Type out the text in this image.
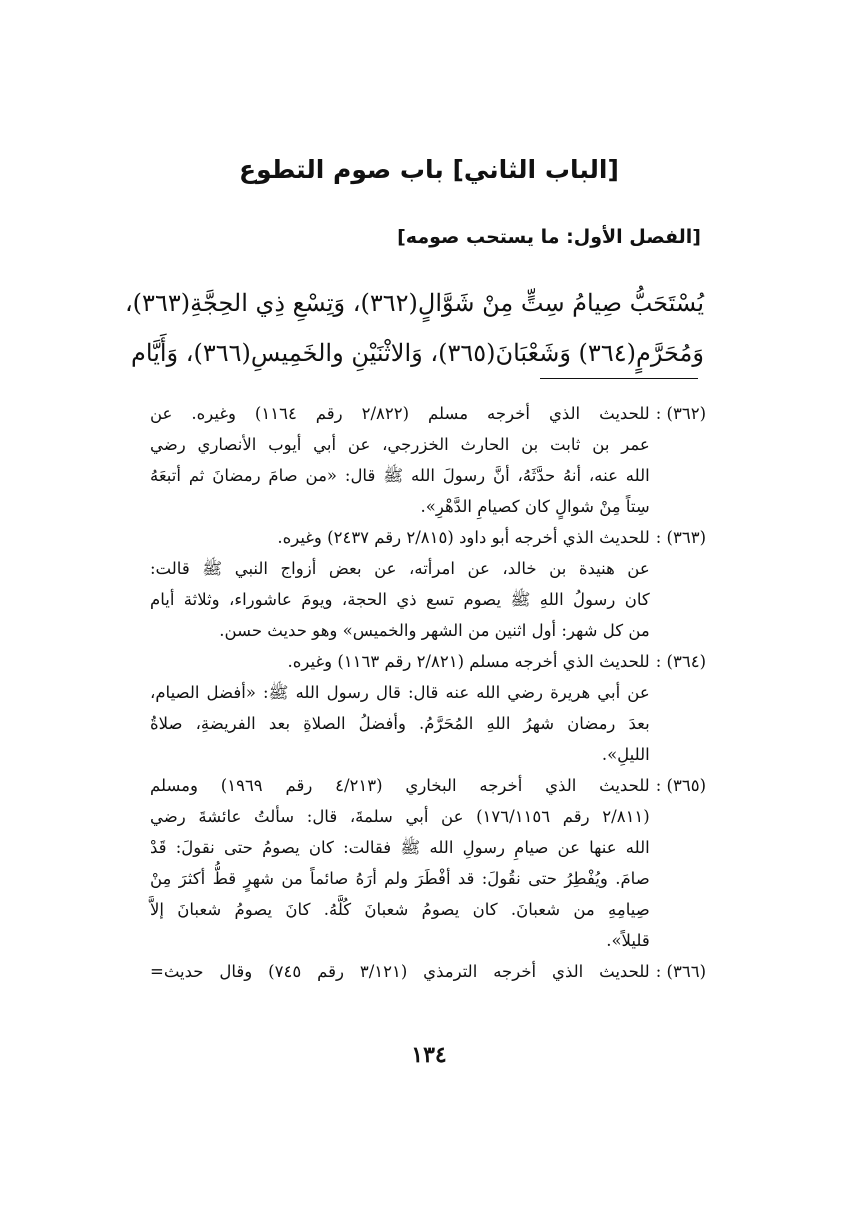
[الباب الثاني] باب صوم التطوع
[الفصل الأول: ما يستحب صومه]
يُسْتَحَبُّ صِيامُ سِتٍّ مِنْ شَوَّالٍ(٣٦٢)، وَتِسْعِ ذِي الحِجَّةِ(٣٦٣)،
وَمُحَرَّمٍ(٣٦٤) وَشَعْبَانَ(٣٦٥)، وَالاثْنَيْنِ والخَمِيسِ(٣٦٦)، وَأَيَّام
(٣٦٢) :
للحديث الذي أخرجه مسلم (٢/٨٢٢ رقم ١١٦٤) وغيره. عن
عمر بن ثابت بن الحارث الخزرجي، عن أبي أيوب الأنصاري رضي
الله عنه، أنهُ حدَّثَهُ، أنَّ رسولَ الله ﷺ قال: «من صامَ رمضانَ ثم أتبعَهُ
سِتاً مِنْ شوالٍ كان كصيامِ الدَّهْرِ».
(٣٦٣) :
للحديث الذي أخرجه أبو داود (٢/٨١٥ رقم ٢٤٣٧) وغيره.
عن هنيدة بن خالد، عن امرأته، عن بعض أزواج النبي ﷺ قالت:
كان رسولُ اللهِ ﷺ يصوم تسع ذي الحجة، ويومَ عاشوراء، وثلاثة أيام
من كل شهر: أول اثنين من الشهر والخميس» وهو حديث حسن.
(٣٦٤) :
للحديث الذي أخرجه مسلم (٢/٨٢١ رقم ١١٦٣) وغيره.
عن أبي هريرة رضي الله عنه قال: قال رسول الله ﷺ: «أفضل الصيام،
بعدَ رمضان شهرُ اللهِ المُحَرَّمُ. وأفضلُ الصلاةِ بعد الفريضةِ، صلاةُ
الليلِ».
(٣٦٥) :
للحديث الذي أخرجه البخاري (٤/٢١٣ رقم ١٩٦٩) ومسلم
(٢/٨١١ رقم ١٧٦/١١٥٦) عن أبي سلمةَ، قال: سألتُ عائشةَ رضي
الله عنها عن صيامِ رسولِ الله ﷺ فقالت: كان يصومُ حتى نقولَ: قَدْ
صامَ. ويُفْطِرُ حتى نقُولَ: قد أفْطَرَ ولم أرَهُ صائماً من شهرٍ قطُّ أكثرَ مِنْ
صِيامِهِ من شعبانَ. كان يصومُ شعبانَ كُلَّهُ. كانَ يصومُ شعبانَ إلاَّ
قليلاً».
(٣٦٦) :
للحديث الذي أخرجه الترمذي (٣/١٢١ رقم ٧٤٥) وقال حديث=
١٣٤
